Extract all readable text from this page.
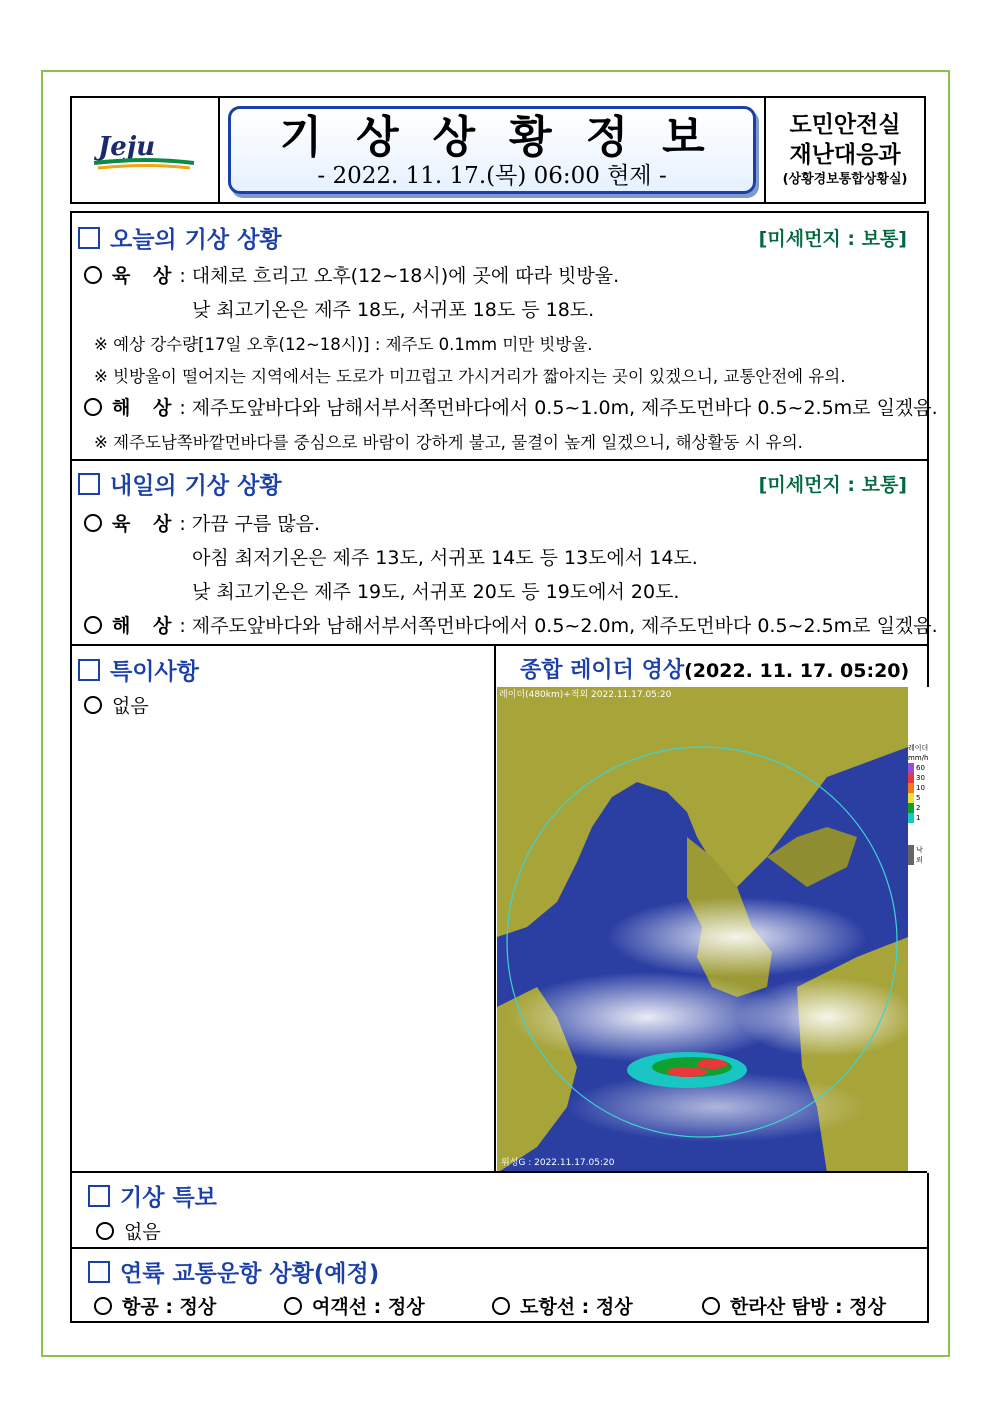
Jeju	기상상황정보
- 2022. 11. 17.(목) 06:00 현제 -
도민안전실
재난대응과
(상황경보통합상황실)
오늘의 기상 상황	[미세먼지 : 보통]
육 상: 대체로 흐리고 오후(12~18시)에 곳에 따라 빗방울.
낮 최고기온은 제주 18도, 서귀포 18도 등 18도.
※ 예상 강수량[17일 오후(12~18시)] : 제주도 0.1mm 미만 빗방울.
※ 빗방울이 떨어지는 지역에서는 도로가 미끄럽고 가시거리가 짧아지는 곳이 있겠으니, 교통안전에 유의.
해 상: 제주도앞바다와 남해서부서쪽먼바다에서 0.5~1.0m, 제주도먼바다 0.5~2.5m로 일겠음.
※ 제주도남쪽바깥먼바다를 중심으로 바람이 강하게 불고, 물결이 높게 일겠으니, 해상활동 시 유의.
내일의 기상 상황	[미세먼지 : 보통]
육 상: 가끔 구름 많음.
아침 최저기온은 제주 13도, 서귀포 14도 등 13도에서 14도.
낮 최고기온은 제주 19도, 서귀포 20도 등 19도에서 20도.
해 상: 제주도앞바다와 남해서부서쪽먼바다에서 0.5~2.0m, 제주도먼바다 0.5~2.5m로 일겠음.
특이사항
없음
종합 레이더 영상(2022. 11. 17. 05:20)
레이더(480km)+적외 2022.11.17.05:20
위성G : 2022.11.17.05:20
레이더
mm/h
60
30
10
5
2
1
낙뢰
기상 특보
없음
연륙 교통운항 상황(예정)
항공 : 정상	여객선 : 정상	도항선 : 정상	한라산 탐방 : 정상
